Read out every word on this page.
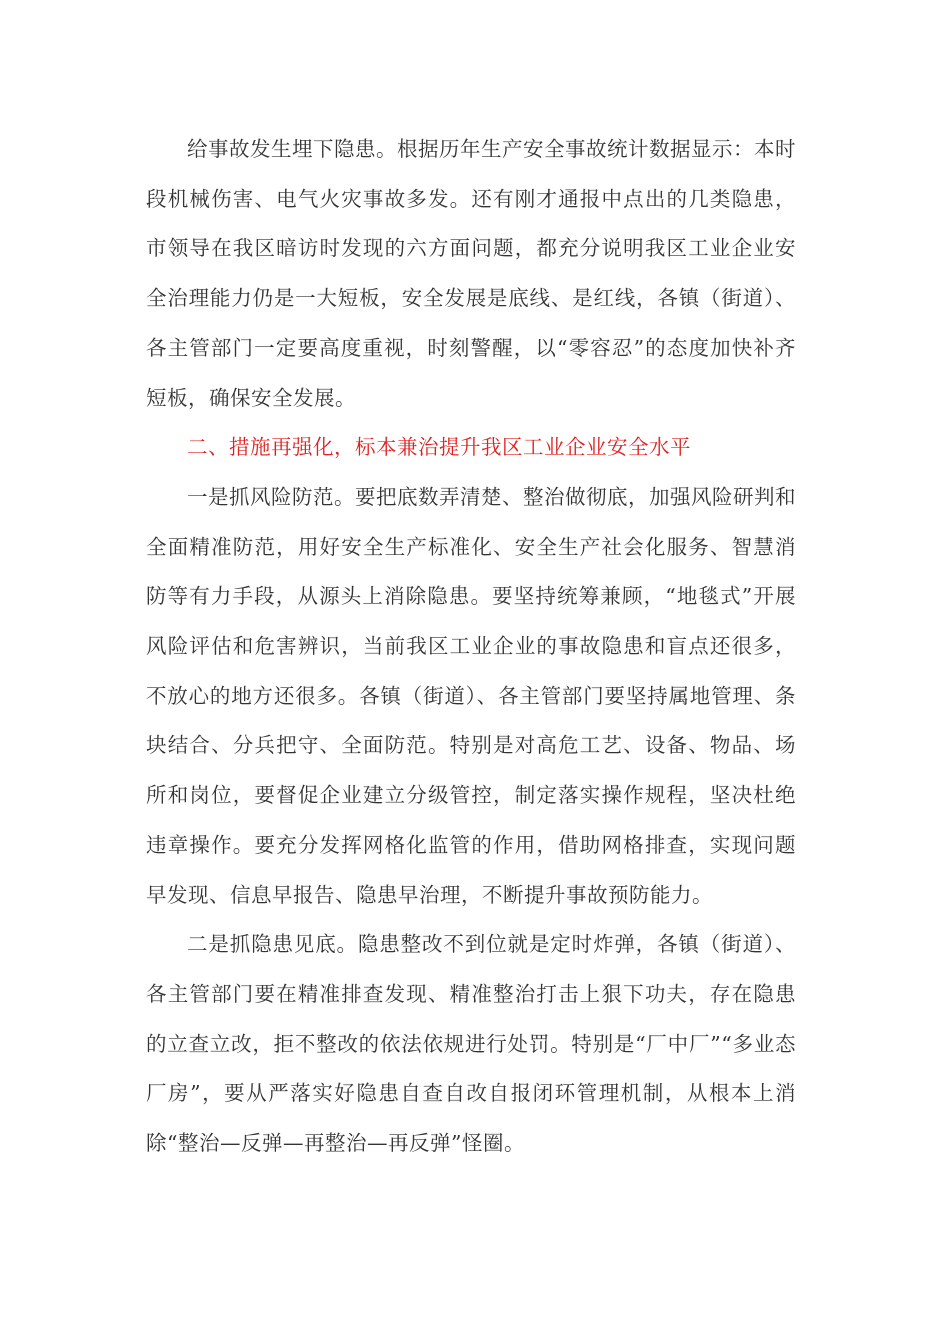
给事故发生埋下隐患。根据历年生产安全事故统计数据显示：本时段机械伤害、电气火灾事故多发。还有刚才通报中点出的几类隐患，市领导在我区暗访时发现的六方面问题，都充分说明我区工业企业安全治理能力仍是一大短板，安全发展是底线、是红线，各镇（街道）、各主管部门一定要高度重视，时刻警醒，以“零容忍”的态度加快补齐短板，确保安全发展。

二、措施再强化，标本兼治提升我区工业企业安全水平

一是抓风险防范。要把底数弄清楚、整治做彻底，加强风险研判和全面精准防范，用好安全生产标准化、安全生产社会化服务、智慧消防等有力手段，从源头上消除隐患。要坚持统筹兼顾，“地毯式”开展风险评估和危害辨识，当前我区工业企业的事故隐患和盲点还很多，不放心的地方还很多。各镇（街道）、各主管部门要坚持属地管理、条块结合、分兵把守、全面防范。特别是对高危工艺、设备、物品、场所和岗位，要督促企业建立分级管控，制定落实操作规程，坚决杜绝违章操作。要充分发挥网格化监管的作用，借助网格排查，实现问题早发现、信息早报告、隐患早治理，不断提升事故预防能力。

二是抓隐患见底。隐患整改不到位就是定时炸弹，各镇（街道）、各主管部门要在精准排查发现、精准整治打击上狠下功夫，存在隐患的立查立改，拒不整改的依法依规进行处罚。特别是“厂中厂”“多业态厂房”，要从严落实好隐患自查自改自报闭环管理机制，从根本上消除“整治—反弹—再整治—再反弹”怪圈。
